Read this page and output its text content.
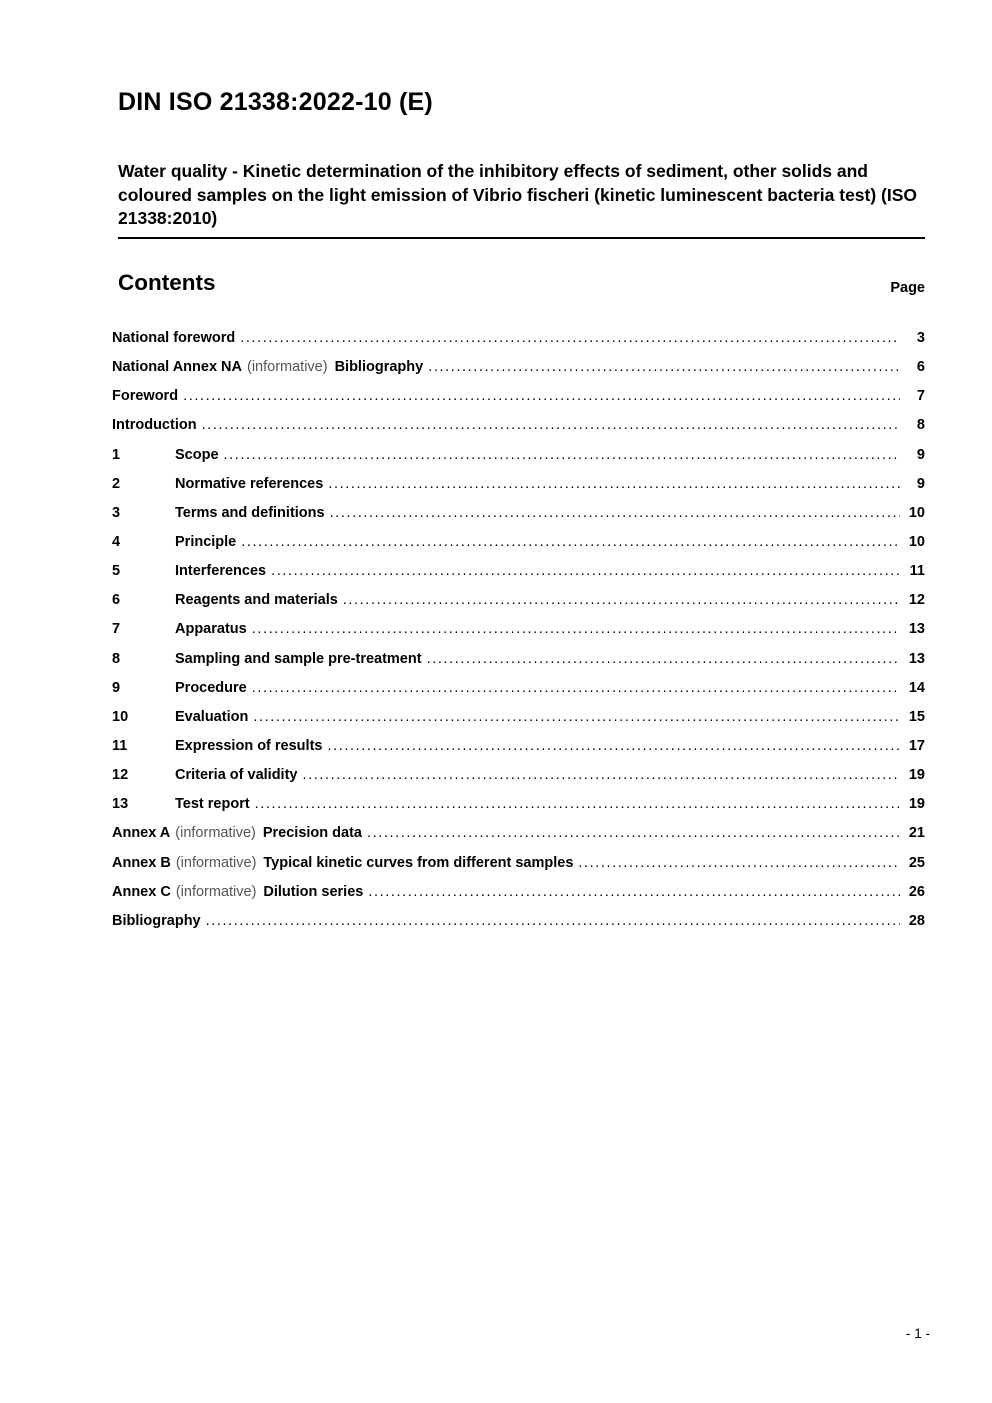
DIN ISO 21338:2022-10 (E)
Water quality - Kinetic determination of the inhibitory effects of sediment, other solids and coloured samples on the light emission of Vibrio fischeri (kinetic luminescent bacteria test) (ISO 21338:2010)
Contents	Page
National foreword .....	3
National Annex NA (informative) Bibliography .....	6
Foreword .....	7
Introduction .....	8
1	Scope .....	9
2	Normative references .....	9
3	Terms and definitions .....	10
4	Principle .....	10
5	Interferences .....	11
6	Reagents and materials .....	12
7	Apparatus .....	13
8	Sampling and sample pre-treatment .....	13
9	Procedure .....	14
10	Evaluation .....	15
11	Expression of results .....	17
12	Criteria of validity .....	19
13	Test report .....	19
Annex A (informative) Precision data .....	21
Annex B (informative) Typical kinetic curves from different samples .....	25
Annex C (informative) Dilution series .....	26
Bibliography .....	28
- 1 -
